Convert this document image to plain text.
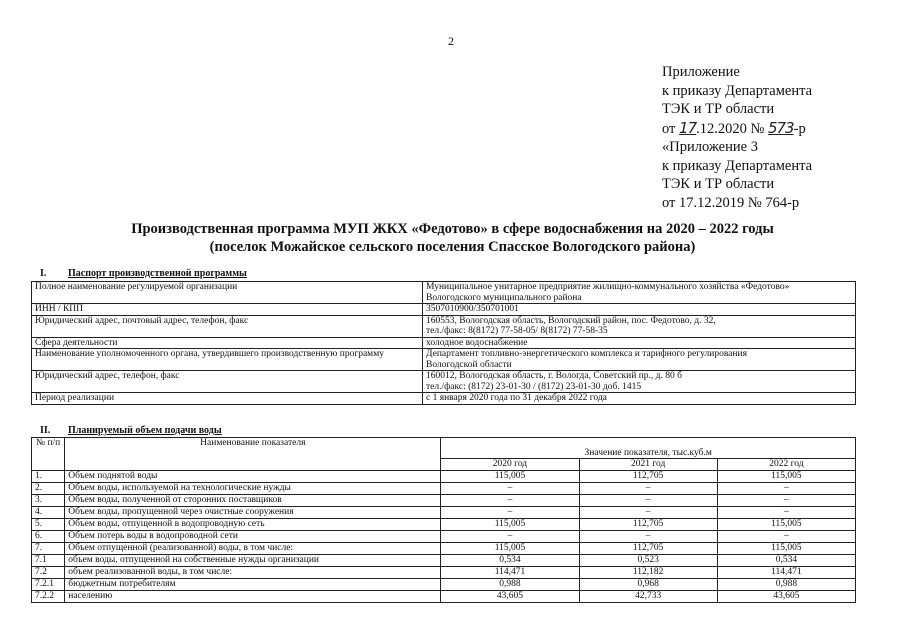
2
Приложение
к приказу Департамента
ТЭК и ТР области
от 17.12.2020 № 573-р
«Приложение 3
к приказу Департамента
ТЭК и ТР области
от 17.12.2019 № 764-р
Производственная программа МУП ЖКХ «Федотово» в сфере водоснабжения на 2020 – 2022 годы
(поселок Можайское сельского поселения Спасское Вологодского района)
I. Паспорт производственной программы
Полное наименование регулируемой организации	Муниципальное унитарное предприятие жилищно-коммунального хозяйства «Федотово»
Вологодского муниципального района

ИНН / КПП	3507010900/350701001

Юридический адрес, почтовый адрес, телефон, факс	160553, Вологодская область, Вологодский район, пос. Федотово, д. 32,
тел./факс: 8(8172) 77-58-05/ 8(8172) 77-58-35

Сфера деятельности	холодное водоснабжение

Наименование уполномоченного органа, утвердившего производственную программу	Департамент топливно-энергетического комплекса и тарифного регулирования
Вологодской области

Юридический адрес, телефон, факс	160012, Вологодская область, г. Вологда, Советский пр., д. 80 б
тел./факс: (8172) 23-01-30 / (8172) 23-01-30 доб. 1415

Период реализации	с 1 января 2020 года по 31 декабря 2022 года
II. Планируемый объем подачи воды
№ п/п	Наименование показателя	Значение показателя, тыс.куб.м		
		2020 год	2021 год	2022 год
1.	Объем поднятой воды	115,005	112,705	115,005
2.	Объем воды, используемой на технологические нужды	–	–	–
3.	Объем воды, полученной от сторонних поставщиков	–	–	–
4.	Объем воды, пропущенной через очистные сооружения	–	–	–
5.	Объем воды, отпущенной в водопроводную сеть	115,005	112,705	115,005
6.	Объем потерь воды в водопроводной сети	–	–	–
7.	Объем отпущенной (реализованной) воды, в том числе:	115,005	112,705	115,005
7.1	объем воды, отпущенной на собственные нужды организации	0,534	0,523	0,534
7.2	объем реализованной воды, в том числе:	114,471	112,182	114,471
7.2.1	бюджетным потребителям	0,988	0,968	0,988
7.2.2	населению	43,605	42,733	43,605
